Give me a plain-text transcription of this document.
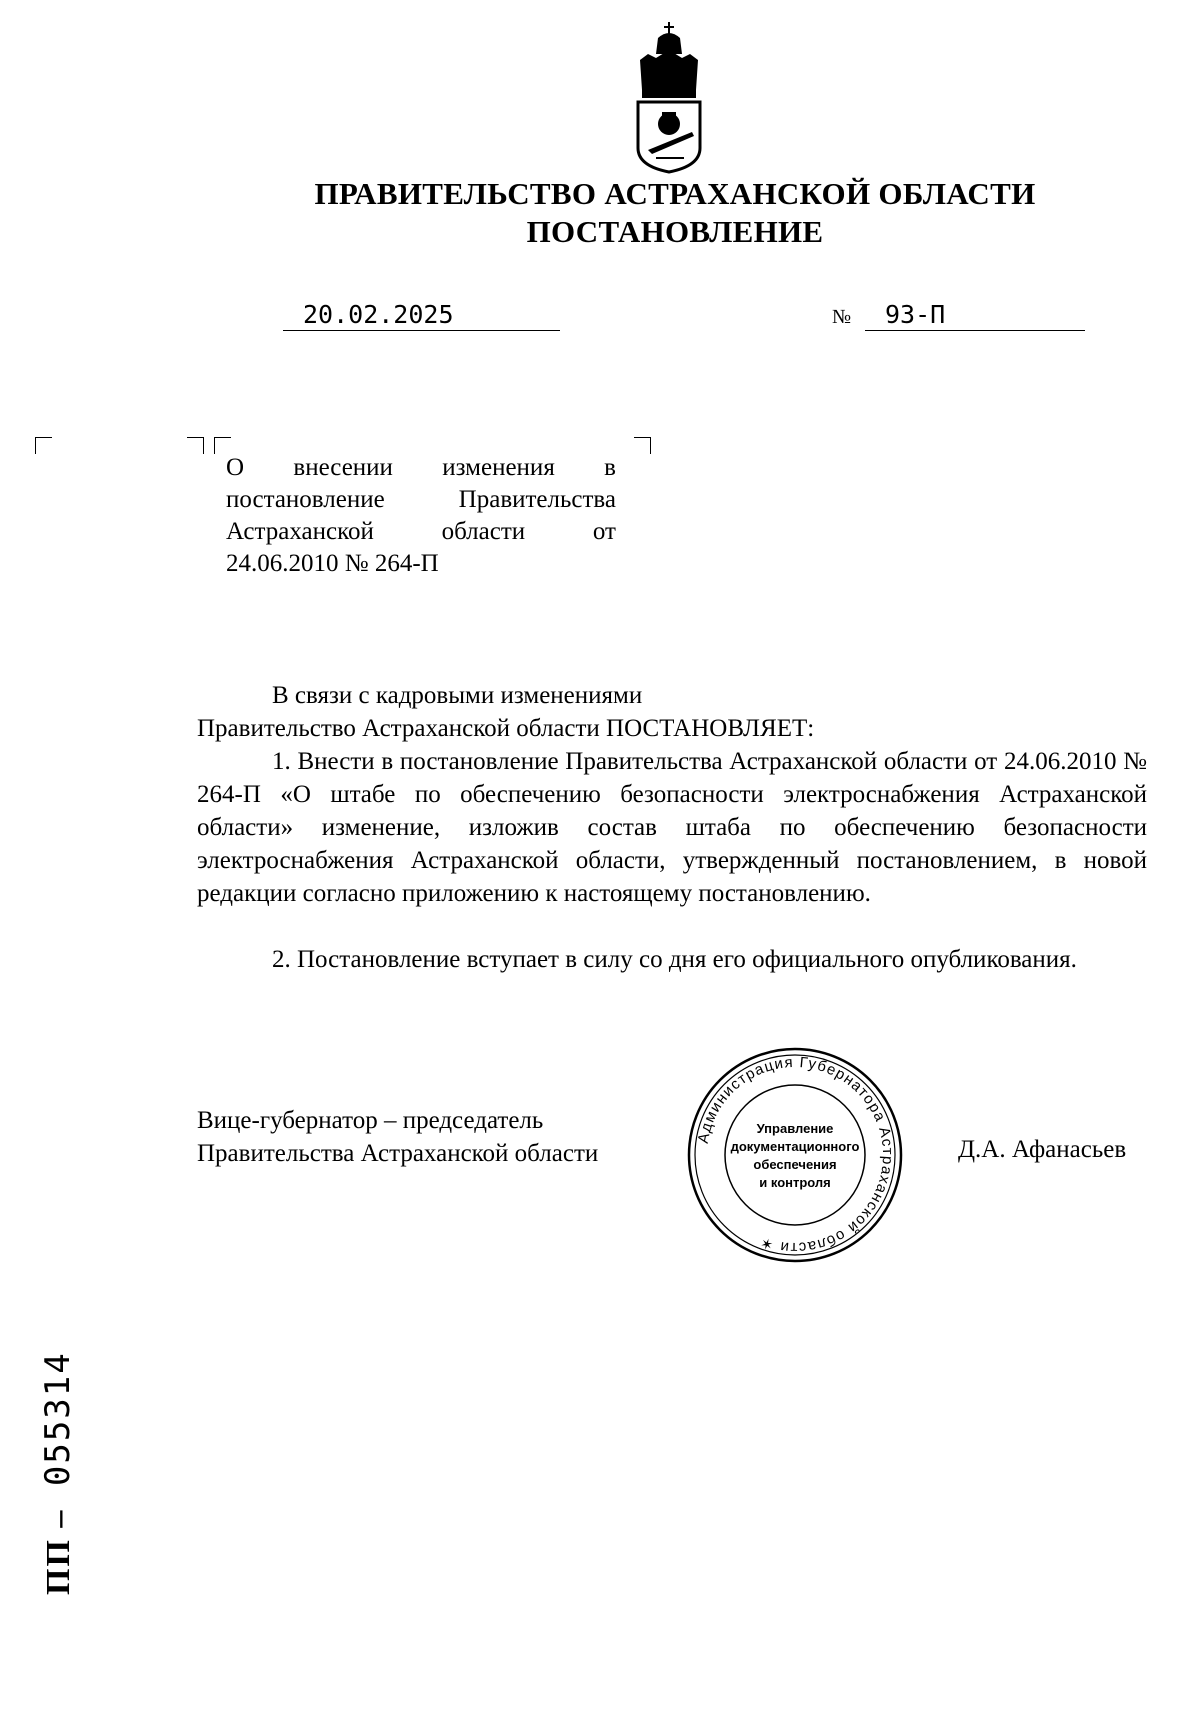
ПРАВИТЕЛЬСТВО АСТРАХАНСКОЙ ОБЛАСТИ
ПОСТАНОВЛЕНИЕ
20.02.2025	№ 93-П
О внесении изменения в
постановление	Правительства
Астраханской	области	от
24.06.2010 № 264-П
В связи с кадровыми изменениями
Правительство Астраханской области ПОСТАНОВЛЯЕТ:
1. Внести в постановление Правительства Астраханской области от 24.06.2010 № 264-П «О штабе по обеспечению безопасности электроснабжения Астраханской области» изменение, изложив состав штаба по обеспечению безопасности электроснабжения Астраханской области, утвержденный постановлением, в новой редакции согласно приложению к настоящему постановлению.
2. Постановление вступает в силу со дня его официального опубликования.
Вице-губернатор – председатель
Правительства Астраханской области	Д.А. Афанасьев
Администрация Губернатора Астраханской области ✶
Управление
документационного
обеспечения
и контроля
ПП – 055314
